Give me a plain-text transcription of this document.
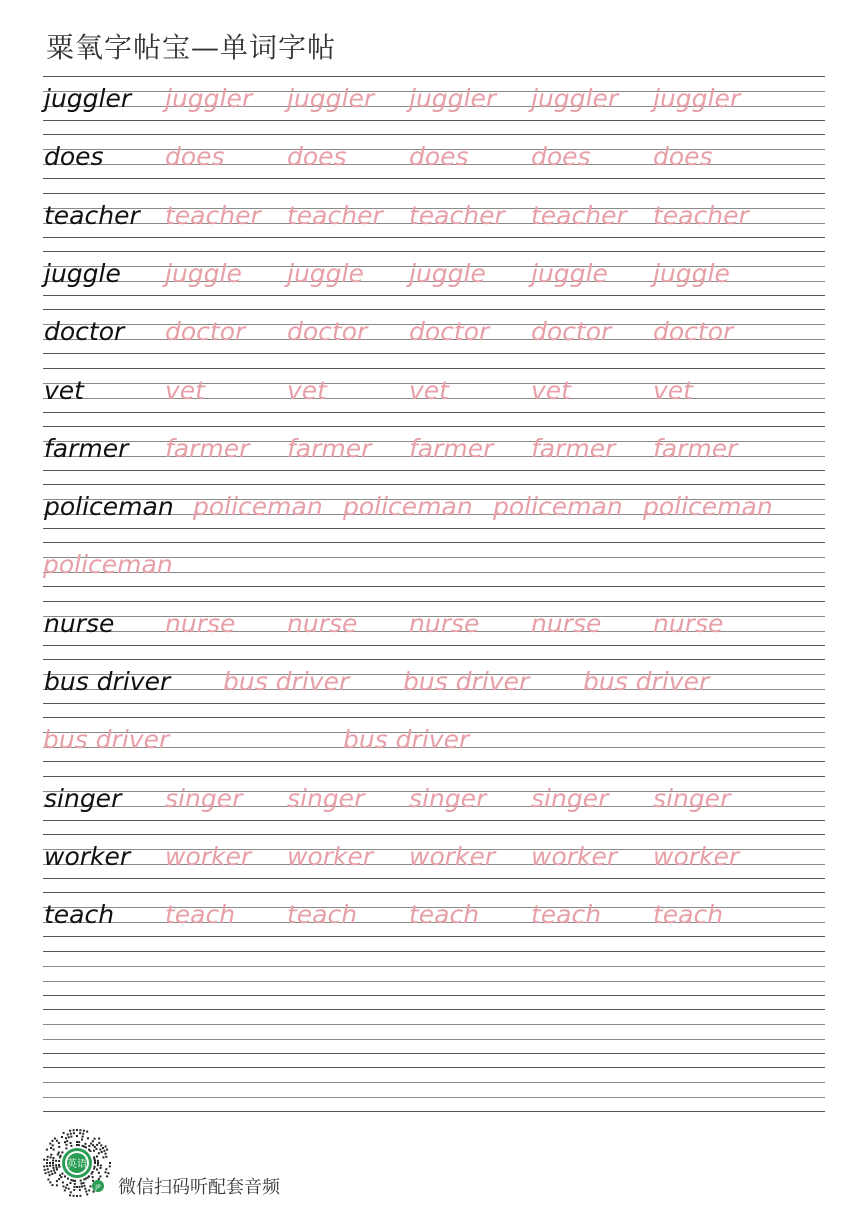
粟氧字帖宝—单词字帖
juggler juggler juggler juggler juggler juggler
does does does does does does
teacher teacher teacher teacher teacher teacher
juggle juggle juggle juggle juggle juggle
doctor doctor doctor doctor doctor doctor
vet	vet	vet	vet	vet	vet
farmer farmer farmer farmer farmer farmer
policeman policeman policeman policeman policeman
policeman
nurse nurse nurse nurse nurse nurse
bus driver bus driver bus driver bus driver
bus driver	bus driver
singer singer singer singer singer singer
worker worker worker worker worker worker
teach teach teach teach teach teach
英语
JP 微信扫码听配套音频
